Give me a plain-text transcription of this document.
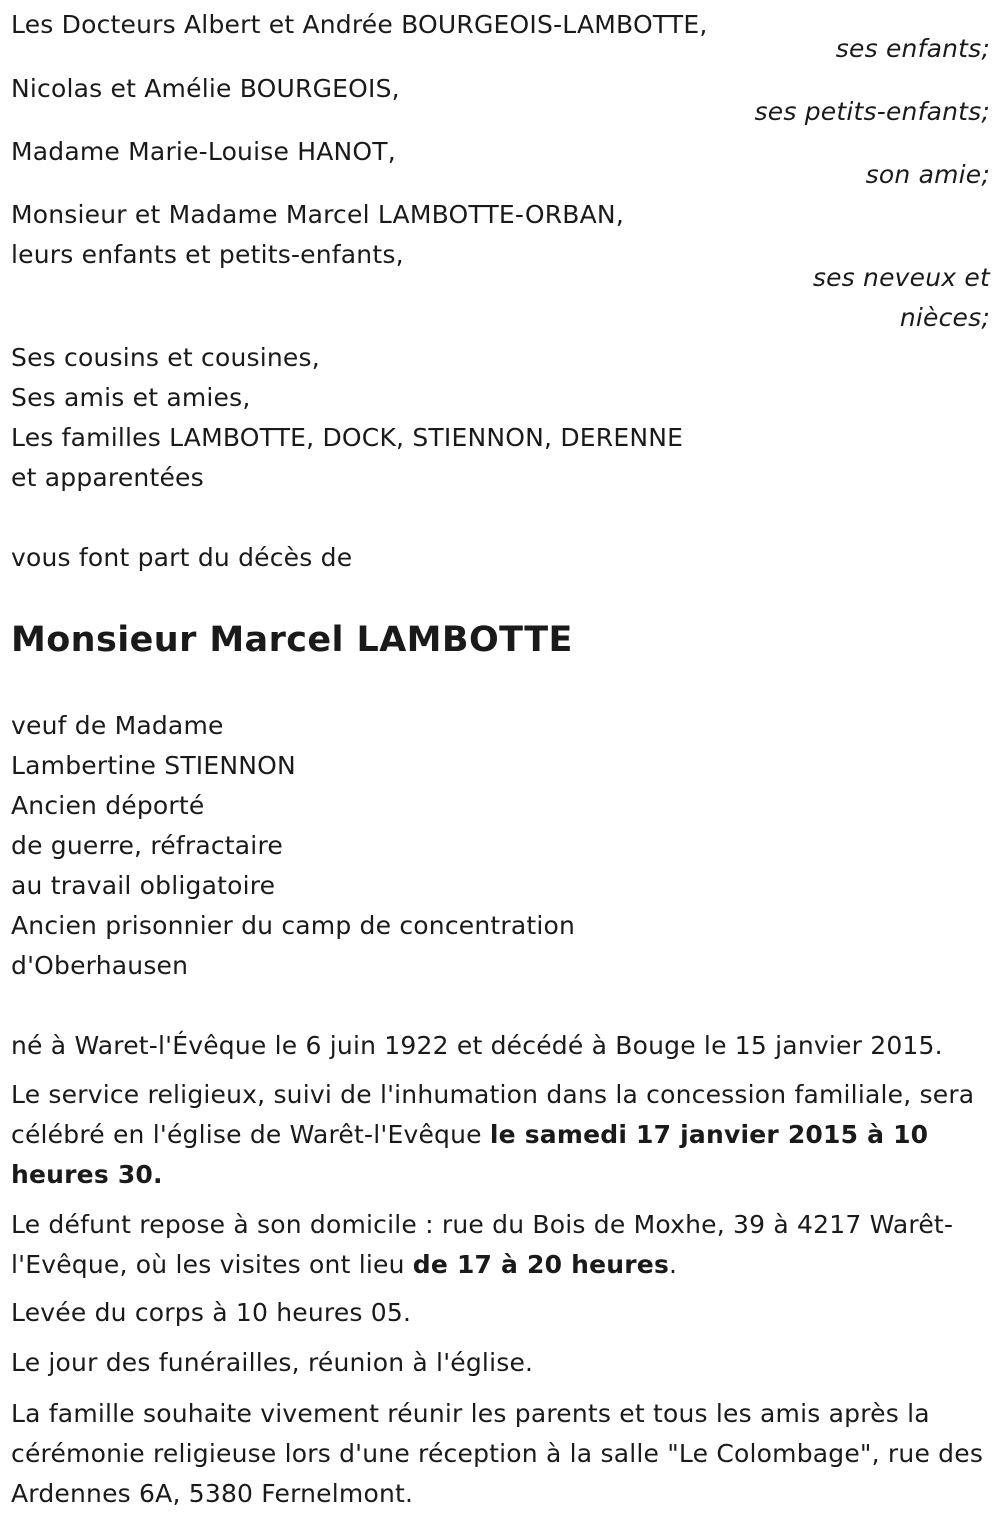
Les Docteurs Albert et Andrée BOURGEOIS-LAMBOTTE,
ses enfants;
Nicolas et Amélie BOURGEOIS,
ses petits-enfants;
Madame Marie-Louise HANOT,
son amie;
Monsieur et Madame Marcel LAMBOTTE-ORBAN,
leurs enfants et petits-enfants,
ses neveux et
nièces;
Ses cousins et cousines,
Ses amis et amies,
Les familles LAMBOTTE, DOCK, STIENNON, DERENNE
et apparentées
vous font part du décès de
Monsieur Marcel LAMBOTTE
veuf de Madame
Lambertine STIENNON
Ancien déporté
de guerre, réfractaire
au travail obligatoire
Ancien prisonnier du camp de concentration
d'Oberhausen
né à Waret-l'Évêque le 6 juin 1922 et décédé à Bouge le 15 janvier 2015.
Le service religieux, suivi de l'inhumation dans la concession familiale, sera célébré en l'église de Warêt-l'Evêque le samedi 17 janvier 2015 à 10 heures 30.
Le défunt repose à son domicile : rue du Bois de Moxhe, 39 à 4217 Warêt-l'Evêque, où les visites ont lieu de 17 à 20 heures.
Levée du corps à 10 heures 05.
Le jour des funérailles, réunion à l'église.
La famille souhaite vivement réunir les parents et tous les amis après la cérémonie religieuse lors d'une réception à la salle "Le Colombage", rue des Ardennes 6A, 5380 Fernelmont.
